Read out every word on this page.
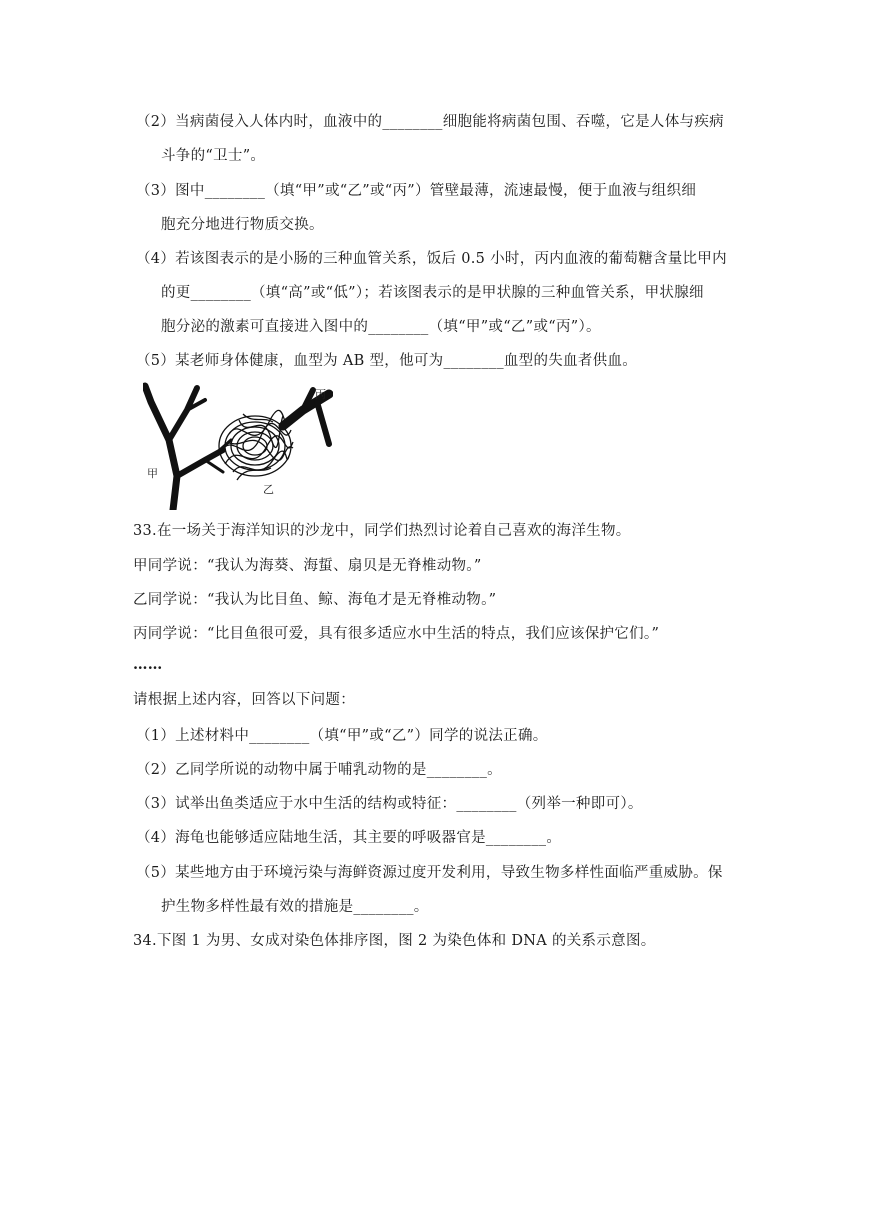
（2）当病菌侵入人体内时，血液中的________细胞能将病菌包围、吞噬，它是人体与疾病
斗争的“卫士”。
（3）图中________（填“甲”或“乙”或“丙”）管壁最薄，流速最慢，便于血液与组织细
胞充分地进行物质交换。
（4）若该图表示的是小肠的三种血管关系，饭后 0.5 小时，丙内血液的葡萄糖含量比甲内
的更________（填“高”或“低”）；若该图表示的是甲状腺的三种血管关系，甲状腺细
胞分泌的激素可直接进入图中的________（填“甲”或“乙”或“丙”）。
（5）某老师身体健康，血型为 AB 型，他可为________血型的失血者供血。
甲
乙
丙
33.在一场关于海洋知识的沙龙中，同学们热烈讨论着自己喜欢的海洋生物。
甲同学说：“我认为海葵、海蜇、扇贝是无脊椎动物。”
乙同学说：“我认为比目鱼、鲸、海龟才是无脊椎动物。”
丙同学说：“比目鱼很可爱，具有很多适应水中生活的特点，我们应该保护它们。”
……
请根据上述内容，回答以下问题：
（1）上述材料中________（填“甲”或“乙”）同学的说法正确。
（2）乙同学所说的动物中属于哺乳动物的是________。
（3）试举出鱼类适应于水中生活的结构或特征：________（列举一种即可）。
（4）海龟也能够适应陆地生活，其主要的呼吸器官是________。
（5）某些地方由于环境污染与海鲜资源过度开发利用，导致生物多样性面临严重威胁。保
护生物多样性最有效的措施是________。
34.下图 1 为男、女成对染色体排序图，图 2 为染色体和 DNA 的关系示意图。
